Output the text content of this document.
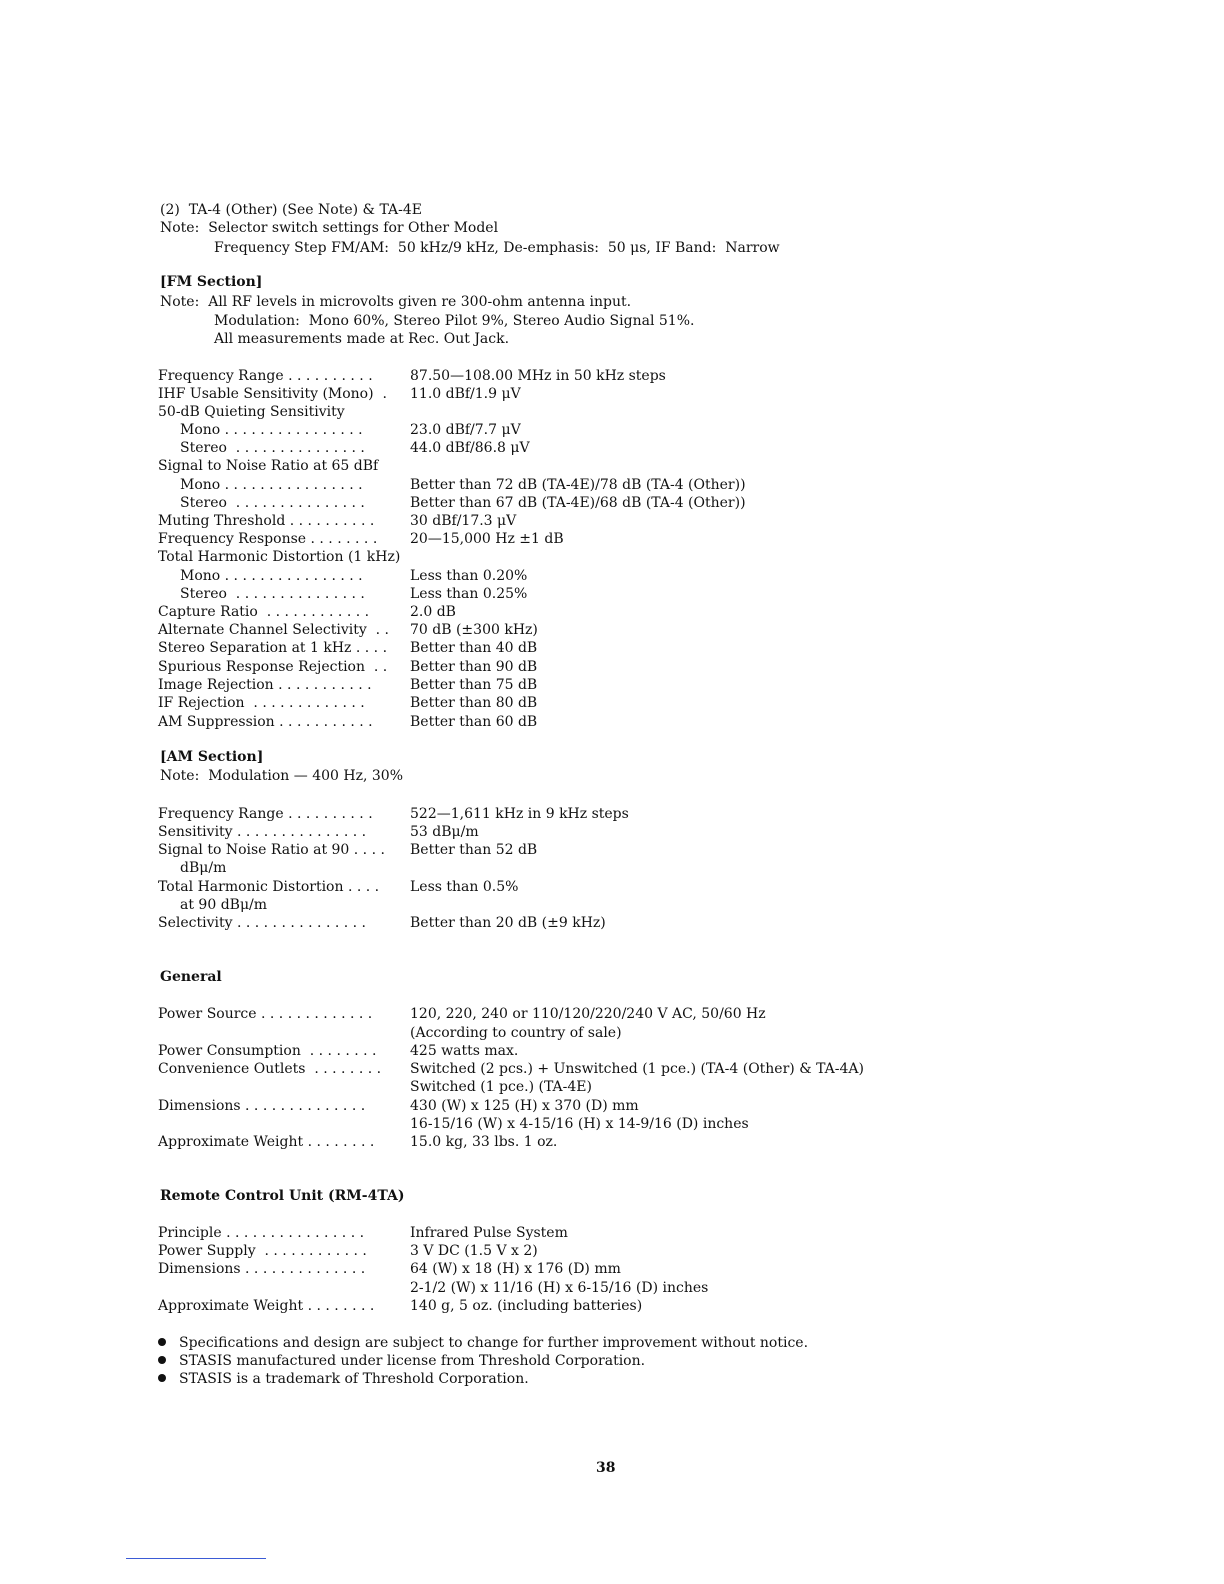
(2)  TA-4 (Other) (See Note) & TA-4E
Note:  Selector switch settings for Other Model
Frequency Step FM/AM:  50 kHz/9 kHz, De-emphasis:  50 μs, IF Band:  Narrow
[FM Section]
Note:  All RF levels in microvolts given re 300-ohm antenna input.
Modulation:  Mono 60%, Stereo Pilot 9%, Stereo Audio Signal 51%.
All measurements made at Rec. Out Jack.
Frequency Range . . . . . . . . . .	87.50—108.00 MHz in 50 kHz steps
IHF Usable Sensitivity (Mono)  . 11.0 dBf/1.9 μV
50-dB Quieting Sensitivity
Mono . . . . . . . . . . . . . . . .	23.0 dBf/7.7 μV
Stereo  . . . . . . . . . . . . . . .	44.0 dBf/86.8 μV
Signal to Noise Ratio at 65 dBf
Mono . . . . . . . . . . . . . . . .	Better than 72 dB (TA-4E)/78 dB (TA-4 (Other))
Stereo  . . . . . . . . . . . . . . .	Better than 67 dB (TA-4E)/68 dB (TA-4 (Other))
Muting Threshold . . . . . . . . . .	30 dBf/17.3 μV
Frequency Response . . . . . . . . 20—15,000 Hz ±1 dB
Total Harmonic Distortion (1 kHz)
Mono . . . . . . . . . . . . . . . .	Less than 0.20%
Stereo  . . . . . . . . . . . . . . .	Less than 0.25%
Capture Ratio  . . . . . . . . . . . .	2.0 dB
Alternate Channel Selectivity  . . 70 dB (±300 kHz)
Stereo Separation at 1 kHz . . . . Better than 40 dB
Spurious Response Rejection  . . Better than 90 dB
Image Rejection . . . . . . . . . . .	Better than 75 dB
IF Rejection  . . . . . . . . . . . . .	Better than 80 dB
AM Suppression . . . . . . . . . . .	Better than 60 dB
[AM Section]
Note:  Modulation — 400 Hz, 30%
Frequency Range . . . . . . . . . .	522—1,611 kHz in 9 kHz steps
Sensitivity . . . . . . . . . . . . . . .	53 dBμ/m
Signal to Noise Ratio at 90 . . . . Better than 52 dB
dBμ/m
Total Harmonic Distortion . . . . Less than 0.5%
at 90 dBμ/m
Selectivity . . . . . . . . . . . . . . .	Better than 20 dB (±9 kHz)
General
Power Source . . . . . . . . . . . . .	120, 220, 240 or 110/120/220/240 V AC, 50/60 Hz
(According to country of sale)
Power Consumption  . . . . . . . . 425 watts max.
Convenience Outlets  . . . . . . . . Switched (2 pcs.) + Unswitched (1 pce.) (TA-4 (Other) & TA-4A)
Switched (1 pce.) (TA-4E)
Dimensions . . . . . . . . . . . . . .	430 (W) x 125 (H) x 370 (D) mm
16-15/16 (W) x 4-15/16 (H) x 14-9/16 (D) inches
Approximate Weight . . . . . . . .	15.0 kg, 33 lbs. 1 oz.
Remote Control Unit (RM-4TA)
Principle . . . . . . . . . . . . . . . .	Infrared Pulse System
Power Supply  . . . . . . . . . . . .	3 V DC (1.5 V x 2)
Dimensions . . . . . . . . . . . . . .	64 (W) x 18 (H) x 176 (D) mm
2-1/2 (W) x 11/16 (H) x 6-15/16 (D) inches
Approximate Weight . . . . . . . .	140 g, 5 oz. (including batteries)
Specifications and design are subject to change for further improvement without notice.
STASIS manufactured under license from Threshold Corporation.
STASIS is a trademark of Threshold Corporation.
38
